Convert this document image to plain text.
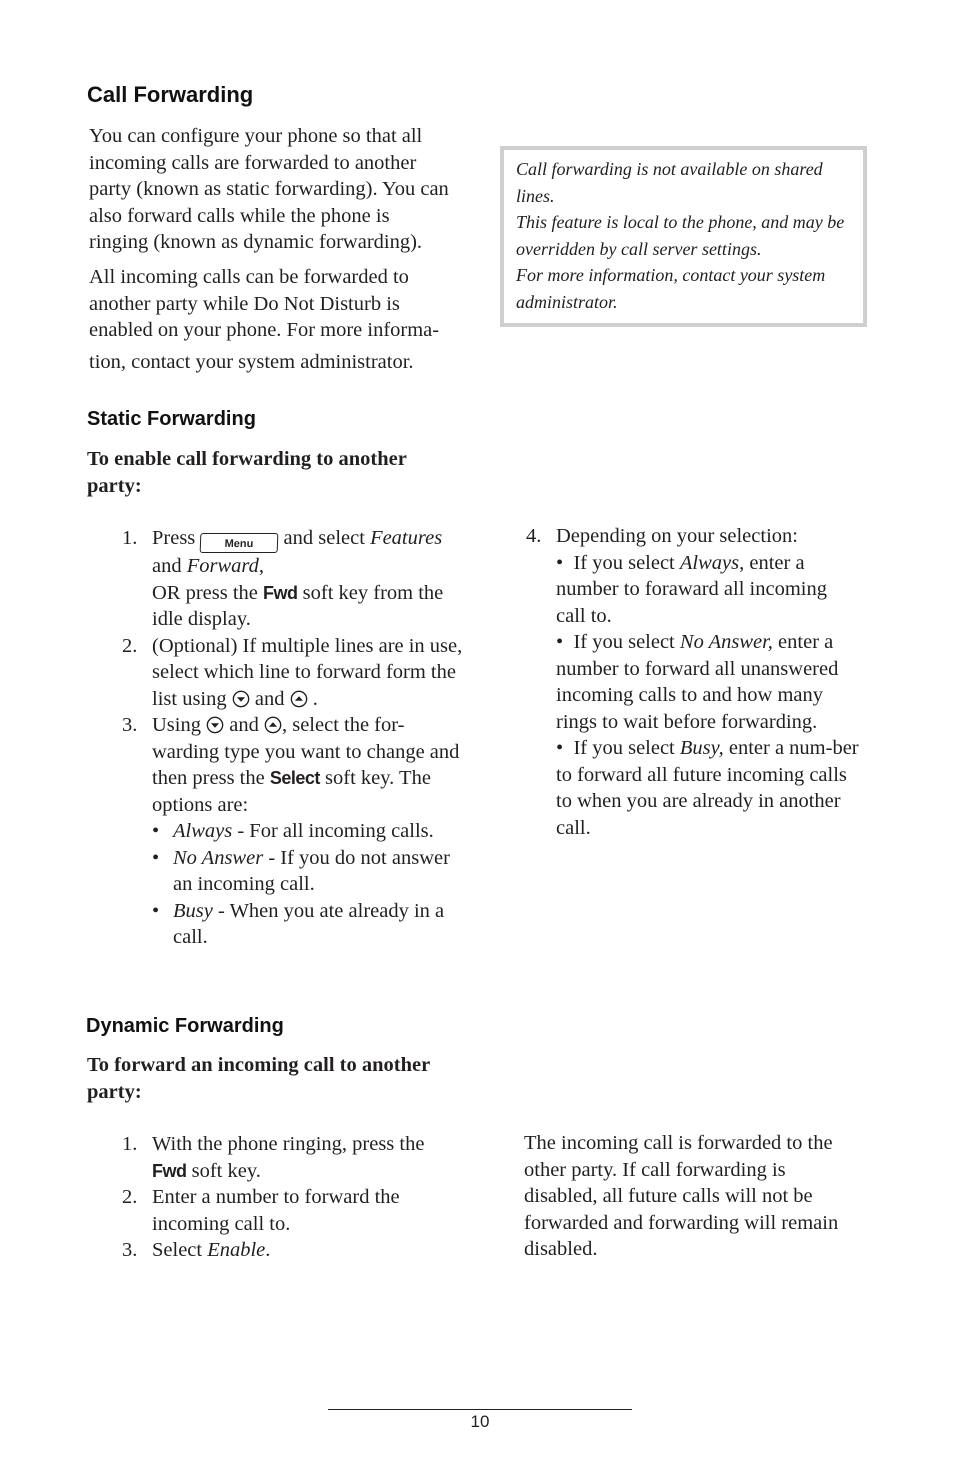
Call Forwarding

You can configure your phone so that all incoming calls are forwarded to another party (known as static forwarding). You can also forward calls while the phone is ringing (known as dynamic forwarding).

All incoming calls can be forwarded to
another party while Do Not Disturb is
enabled on your phone. For more informa-
tion, contact your system administrator.
Call forwarding is not available on shared lines.
This feature is local to the phone, and may be overridden by call server settings.
For more information, contact your system administrator.
Static Forwarding
To enable call forwarding to another party:
1. Press	Menu and select Features and Forward,
OR press the Fwd soft key from the idle display.
2. (Optional) If multiple lines are in use, select which line to forward form the list using and .
3. Using and , select the for-warding type you want to change and then press the Select soft key. The options are:
• Always - For all incoming calls.
• No Answer - If you do not answer an incoming call.
• Busy - When you ate already in a call.
4. Depending on your selection:
•  If you select Always, enter a number to foraward all incoming call to.
•  If you select No Answer, enter a number to forward all unanswered incoming calls to and how many rings to wait before forwarding.
•  If you select Busy, enter a num-ber to forward all future incoming calls to when you are already in another call.
Dynamic Forwarding
To forward an incoming call to another party:
1. With the phone ringing, press the Fwd soft key.
2. Enter a number to forward the incoming call to.
3. Select Enable.

The incoming call is forwarded to the other party. If call forwarding is disabled, all future calls will not be forwarded and forwarding will remain disabled.

10
